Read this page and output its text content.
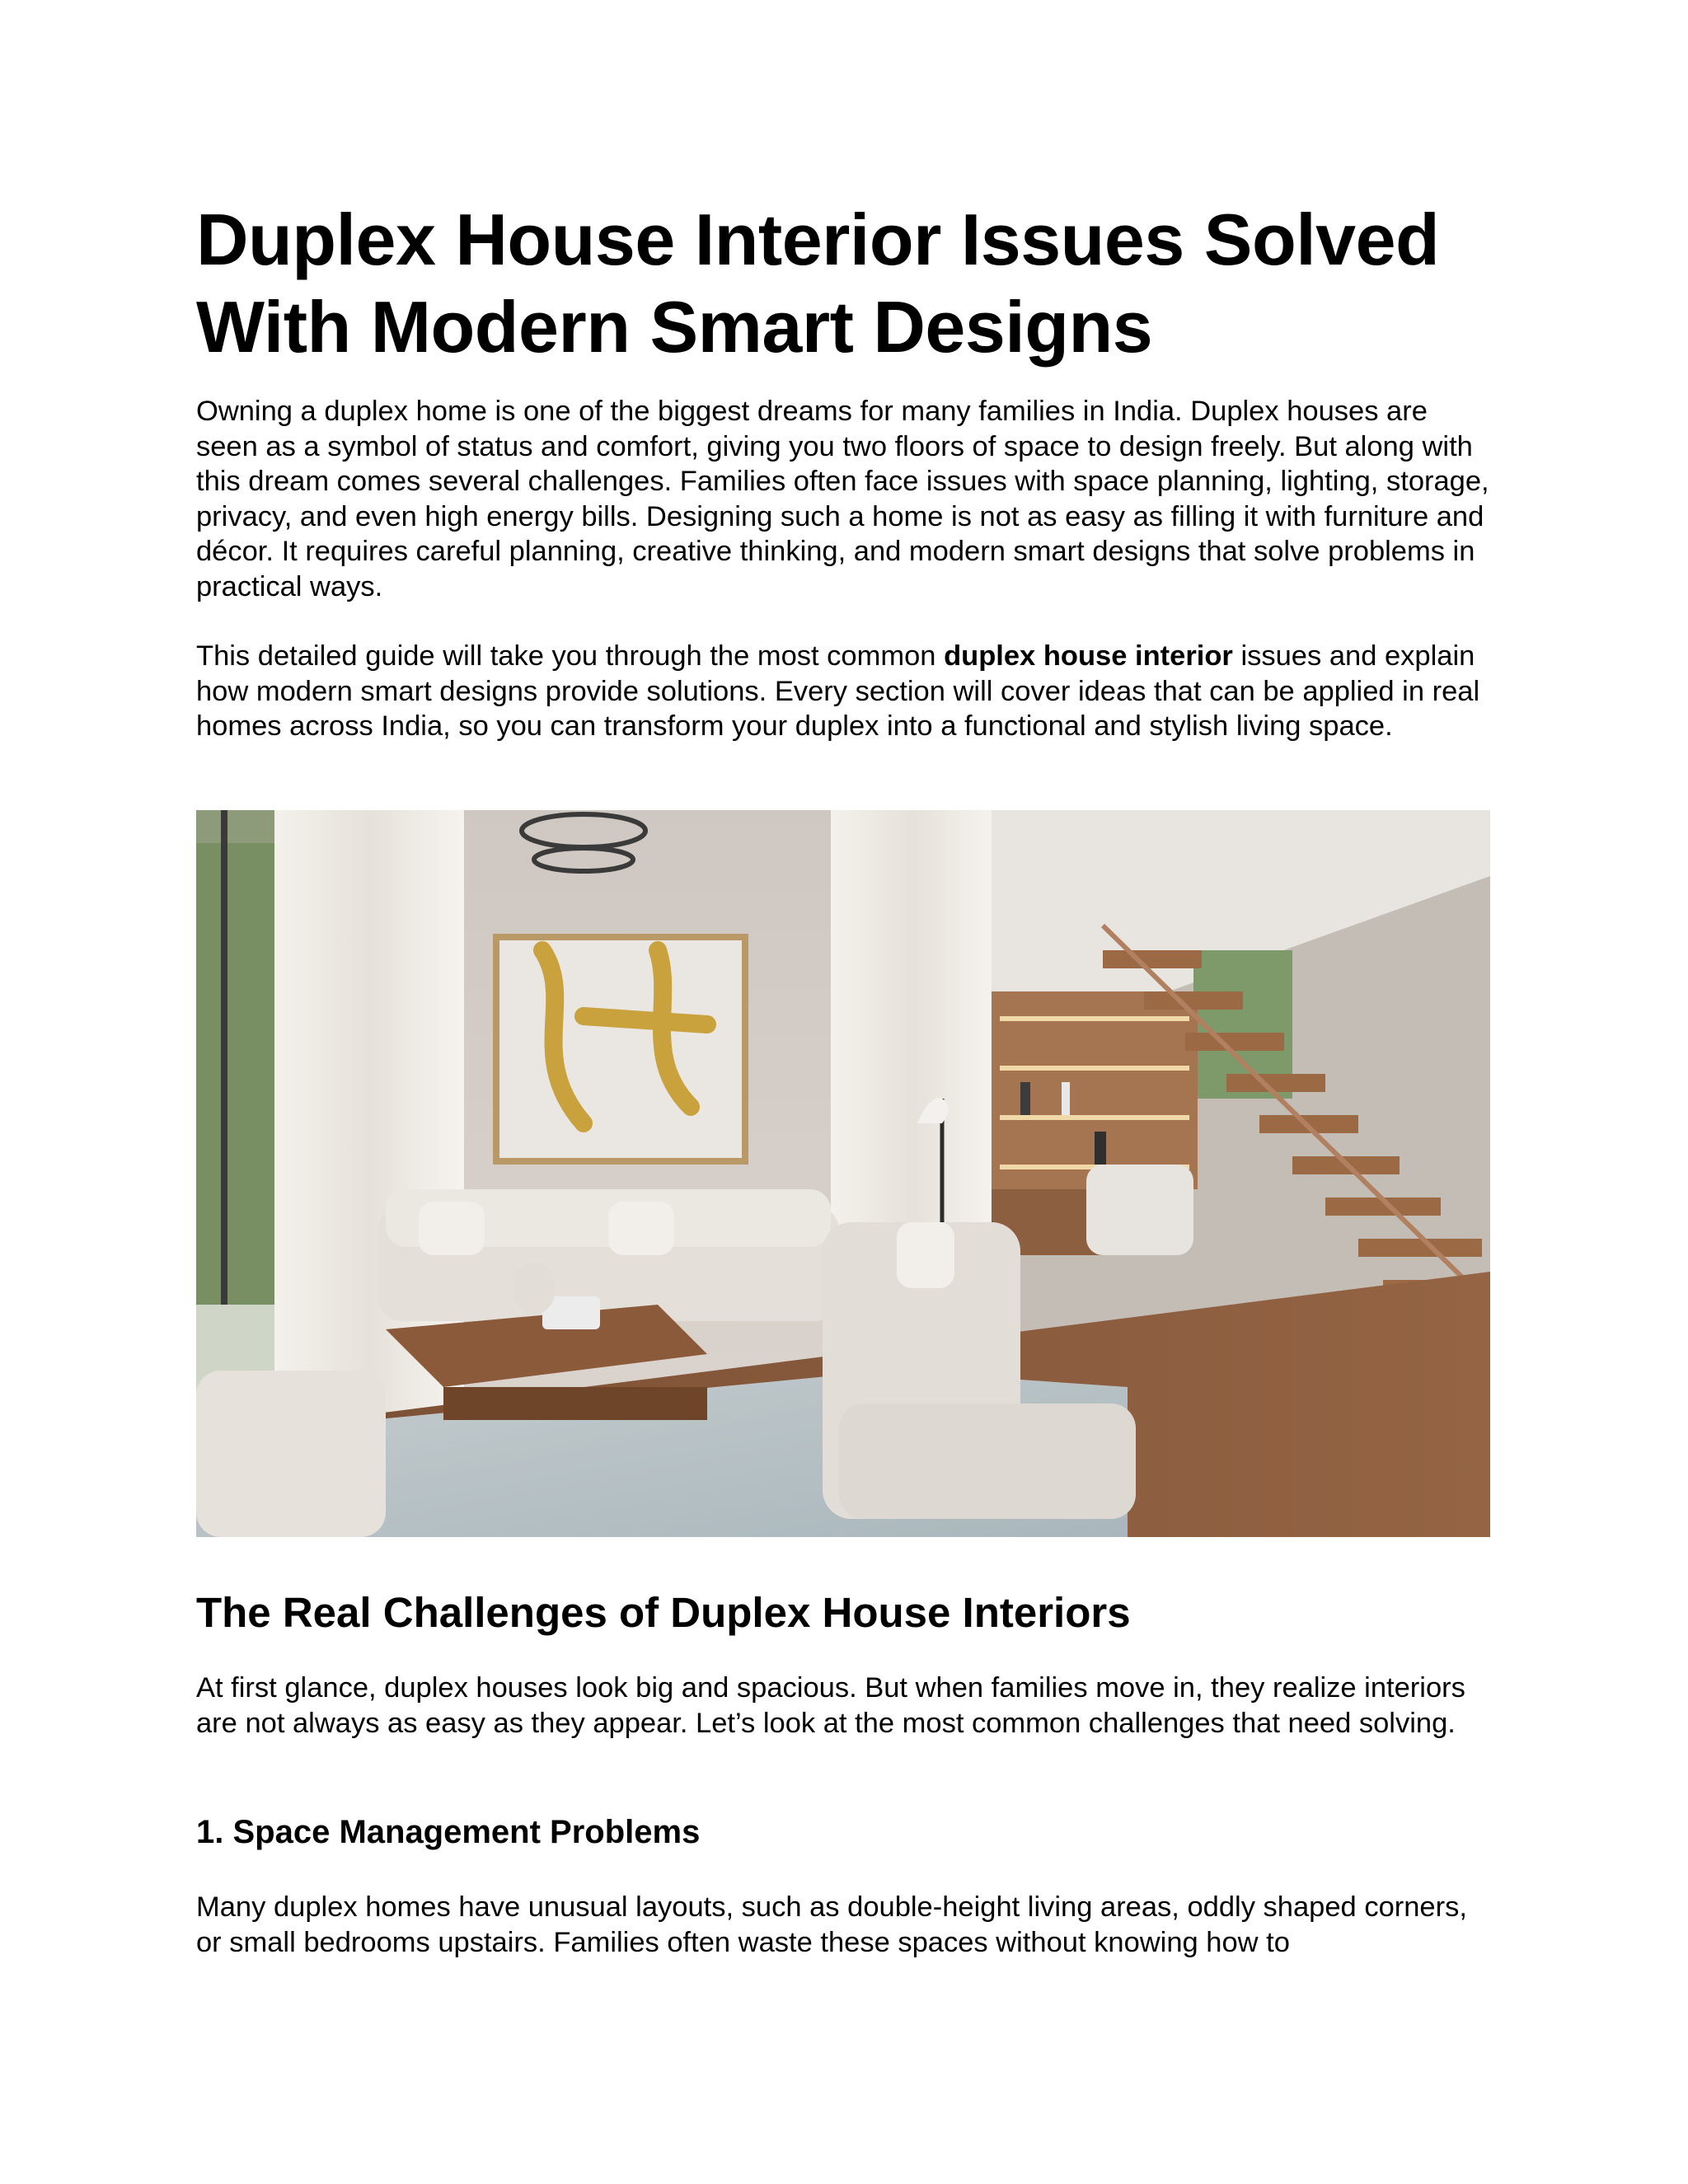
Duplex House Interior Issues Solved With Modern Smart Designs

Owning a duplex home is one of the biggest dreams for many families in India. Duplex houses are seen as a symbol of status and comfort, giving you two floors of space to design freely. But along with this dream comes several challenges. Families often face issues with space planning, lighting, storage, privacy, and even high energy bills. Designing such a home is not as easy as filling it with furniture and décor. It requires careful planning, creative thinking, and modern smart designs that solve problems in practical ways.

This detailed guide will take you through the most common duplex house interior issues and explain how modern smart designs provide solutions. Every section will cover ideas that can be applied in real homes across India, so you can transform your duplex into a functional and stylish living space.

The Real Challenges of Duplex House Interiors

At first glance, duplex houses look big and spacious. But when families move in, they realize interiors are not always as easy as they appear. Let’s look at the most common challenges that need solving.

1. Space Management Problems

Many duplex homes have unusual layouts, such as double-height living areas, oddly shaped corners, or small bedrooms upstairs. Families often waste these spaces without knowing how to
